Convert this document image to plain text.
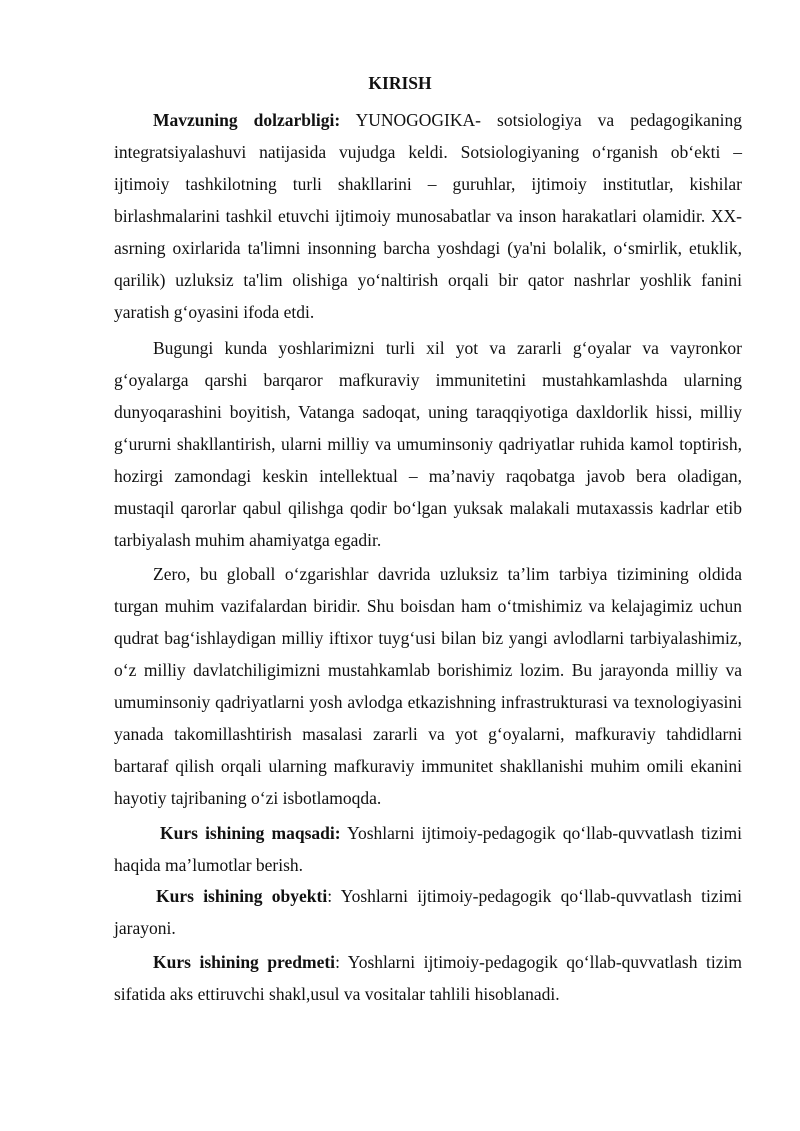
KIRISH

Mavzuning dolzarbligi: YUNOGOGIKA- sotsiologiya va pedagogikaning integratsiyalashuvi natijasida vujudga keldi. Sotsiologiyaning o‘rganish ob‘ekti – ijtimoiy tashkilotning turli shakllarini – guruhlar, ijtimoiy institutlar, kishilar birlashmalarini tashkil etuvchi ijtimoiy munosabatlar va inson harakatlari olamidir. XX-asrning oxirlarida ta'limni insonning barcha yoshdagi (ya'ni bolalik, o‘smirlik, etuklik, qarilik) uzluksiz ta'lim olishiga yo‘naltirish orqali bir qator nashrlar yoshlik fanini yaratish g‘oyasini ifoda etdi.

Bugungi kunda yoshlarimizni turli xil yot va zararli g‘oyalar va vayronkor g‘oyalarga qarshi barqaror mafkuraviy immunitetini mustahkamlashda ularning dunyoqarashini boyitish, Vatanga sadoqat, uning taraqqiyotiga daxldorlik hissi, milliy g‘ururni shakllantirish, ularni milliy va umuminsoniy qadriyatlar ruhida kamol toptirish, hozirgi zamondagi keskin intellektual – ma’naviy raqobatga javob bera oladigan, mustaqil qarorlar qabul qilishga qodir bo‘lgan yuksak malakali mutaxassis kadrlar etib tarbiyalash muhim ahamiyatga egadir.

Zero, bu globall o‘zgarishlar davrida uzluksiz ta’lim tarbiya tizimining oldida turgan muhim vazifalardan biridir. Shu boisdan ham o‘tmishimiz va kelajagimiz uchun qudrat bag‘ishlaydigan milliy iftixor tuyg‘usi bilan biz yangi avlodlarni tarbiyalashimiz, o‘z milliy davlatchiligimizni mustahkamlab borishimiz lozim. Bu jarayonda milliy va umuminsoniy qadriyatlarni yosh avlodga etkazishning infrastrukturasi va texnologiyasini yanada takomillashtirish masalasi zararli va yot g‘oyalarni, mafkuraviy tahdidlarni bartaraf qilish orqali ularning mafkuraviy immunitet shakllanishi muhim omili ekanini hayotiy tajribaning o‘zi isbotlamoqda.

Kurs ishining maqsadi: Yoshlarni ijtimoiy-pedagogik qo‘llab-quvvatlash tizimi haqida ma’lumotlar berish.

Kurs ishining obyekti: Yoshlarni ijtimoiy-pedagogik qo‘llab-quvvatlash tizimi jarayoni.

Kurs ishining predmeti: Yoshlarni ijtimoiy-pedagogik qo‘llab-quvvatlash tizim sifatida aks ettiruvchi shakl,usul va vositalar tahlili hisoblanadi.
